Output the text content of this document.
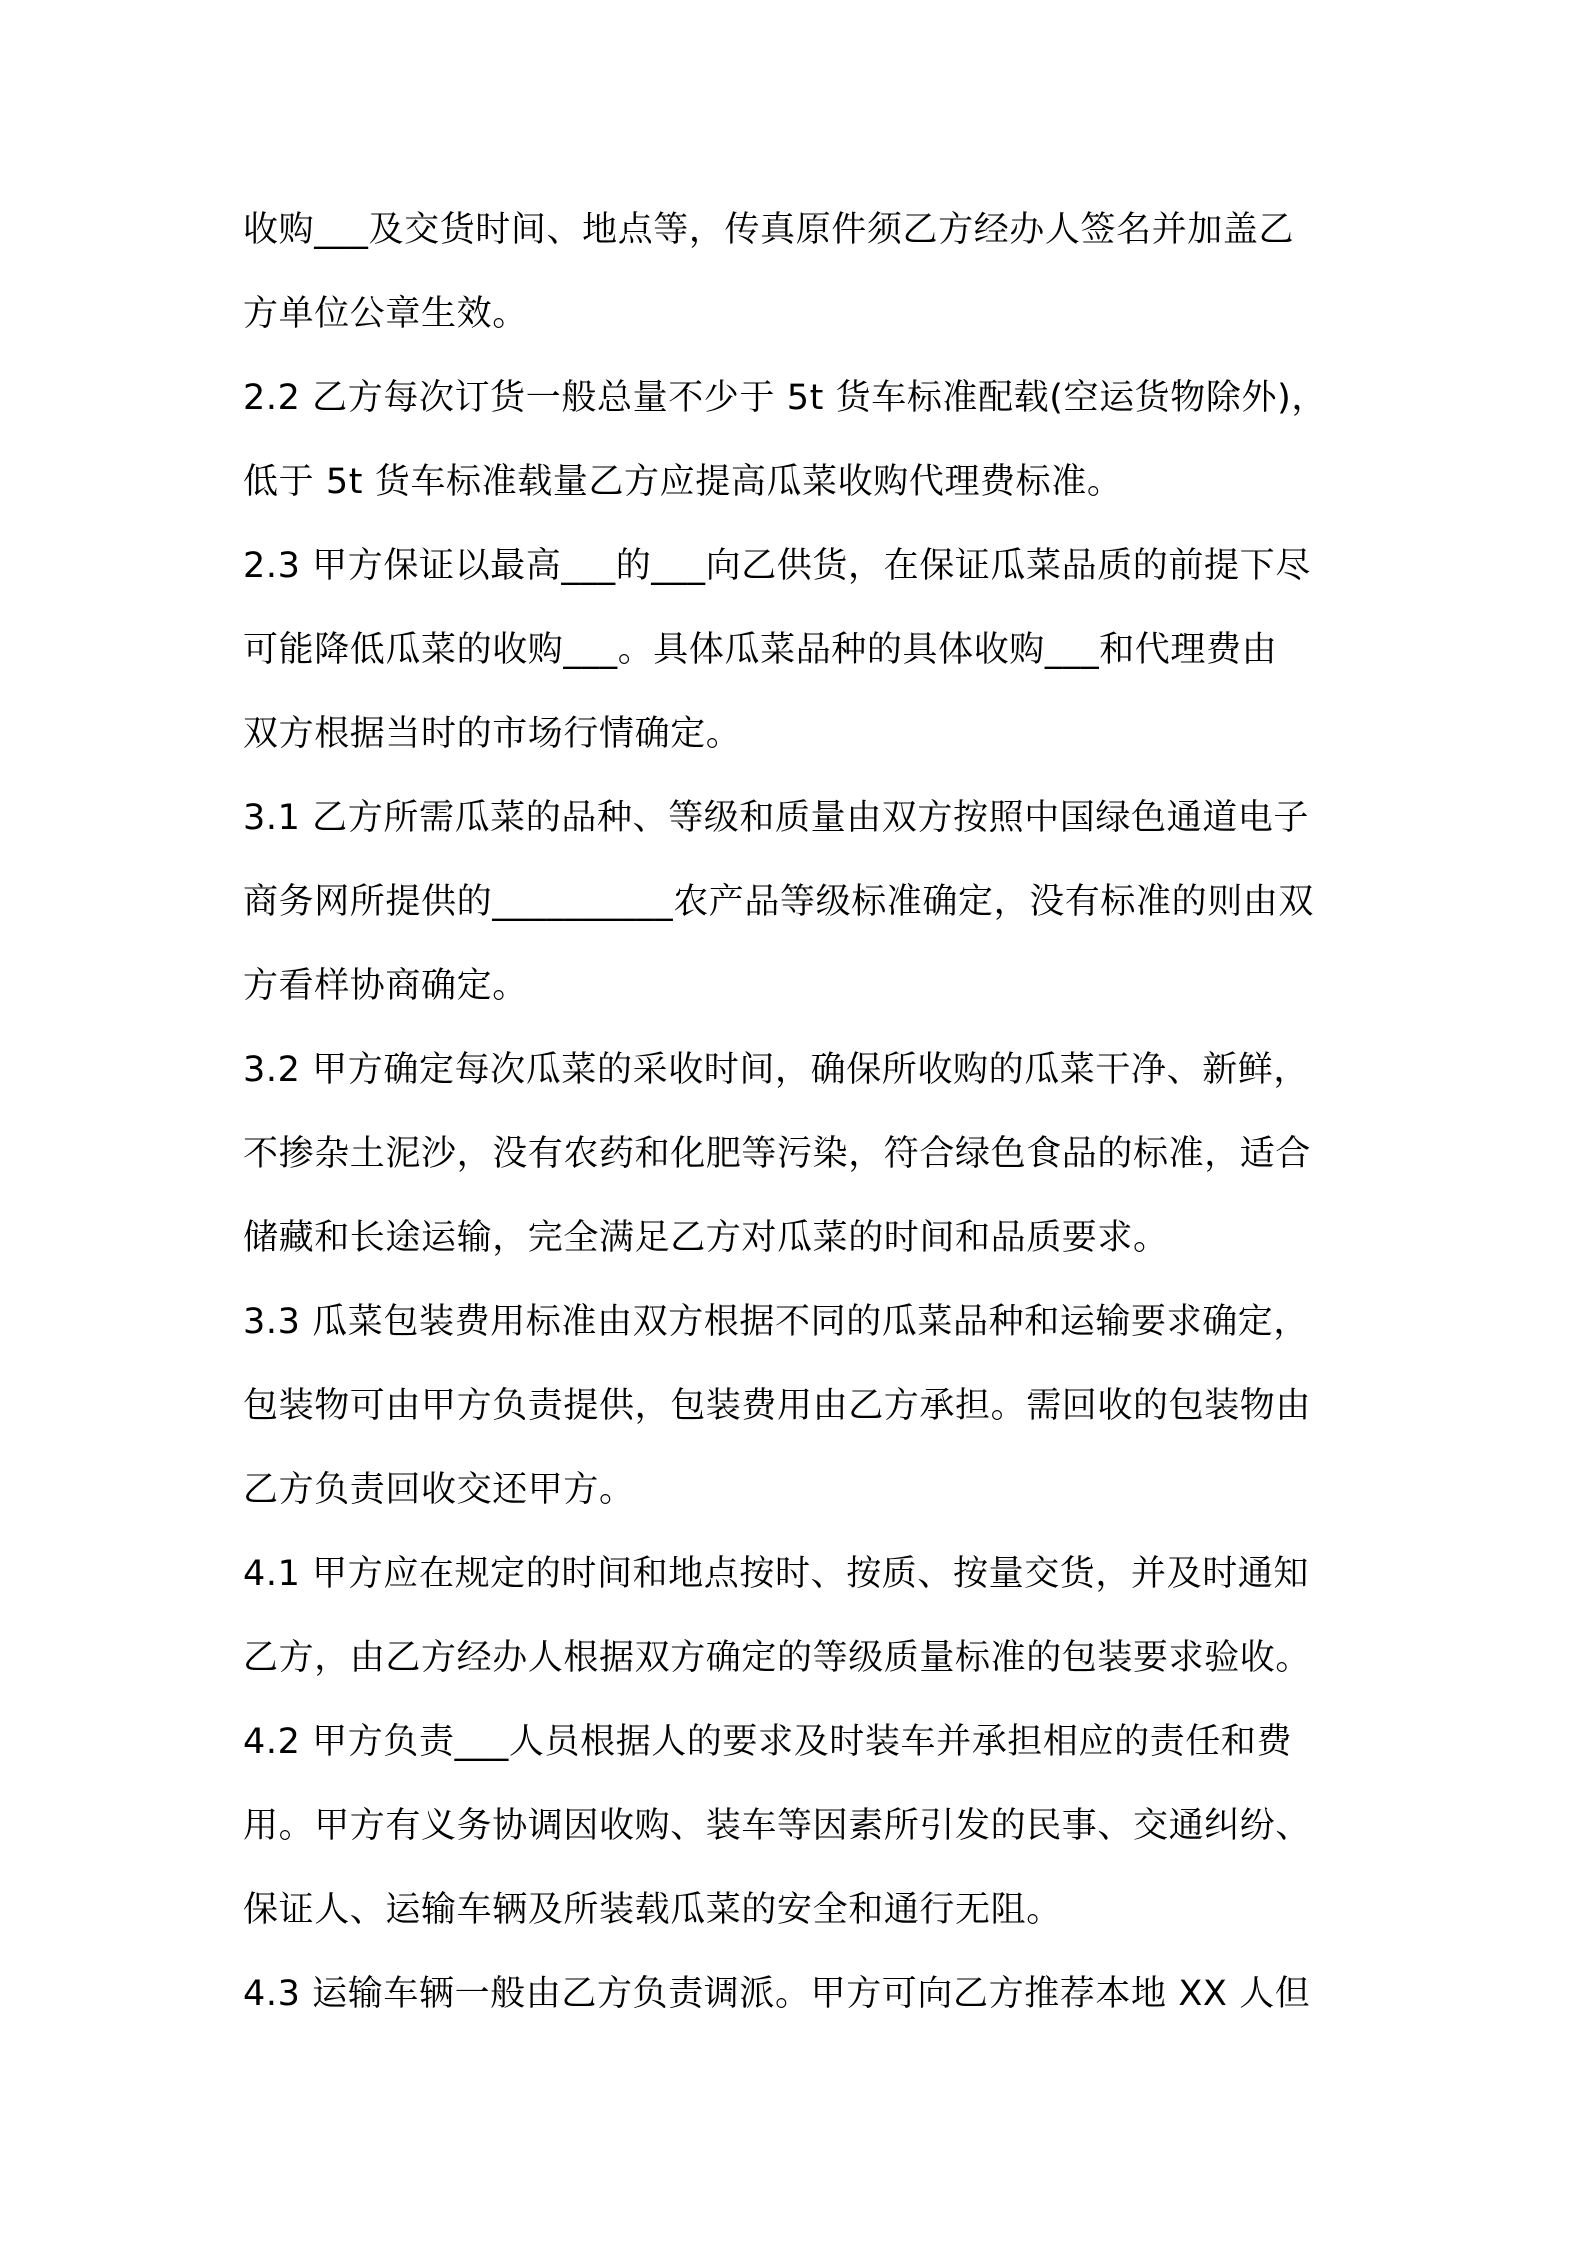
收购___及交货时间、地点等，传真原件须乙方经办人签名并加盖乙
方单位公章生效。
2.2 乙方每次订货一般总量不少于 5t 货车标准配载(空运货物除外)，
低于 5t 货车标准载量乙方应提高瓜菜收购代理费标准。
2.3 甲方保证以最高___的___向乙供货，在保证瓜菜品质的前提下尽
可能降低瓜菜的收购___。具体瓜菜品种的具体收购___和代理费由
双方根据当时的市场行情确定。
3.1 乙方所需瓜菜的品种、等级和质量由双方按照中国绿色通道电子
商务网所提供的__________农产品等级标准确定，没有标准的则由双
方看样协商确定。
3.2 甲方确定每次瓜菜的采收时间，确保所收购的瓜菜干净、新鲜，
不掺杂土泥沙，没有农药和化肥等污染，符合绿色食品的标准，适合
储藏和长途运输，完全满足乙方对瓜菜的时间和品质要求。
3.3 瓜菜包装费用标准由双方根据不同的瓜菜品种和运输要求确定，
包装物可由甲方负责提供，包装费用由乙方承担。需回收的包装物由
乙方负责回收交还甲方。
4.1 甲方应在规定的时间和地点按时、按质、按量交货，并及时通知
乙方，由乙方经办人根据双方确定的等级质量标准的包装要求验收。
4.2 甲方负责___人员根据人的要求及时装车并承担相应的责任和费
用。甲方有义务协调因收购、装车等因素所引发的民事、交通纠纷、
保证人、运输车辆及所装载瓜菜的安全和通行无阻。
4.3 运输车辆一般由乙方负责调派。甲方可向乙方推荐本地 XX 人但
